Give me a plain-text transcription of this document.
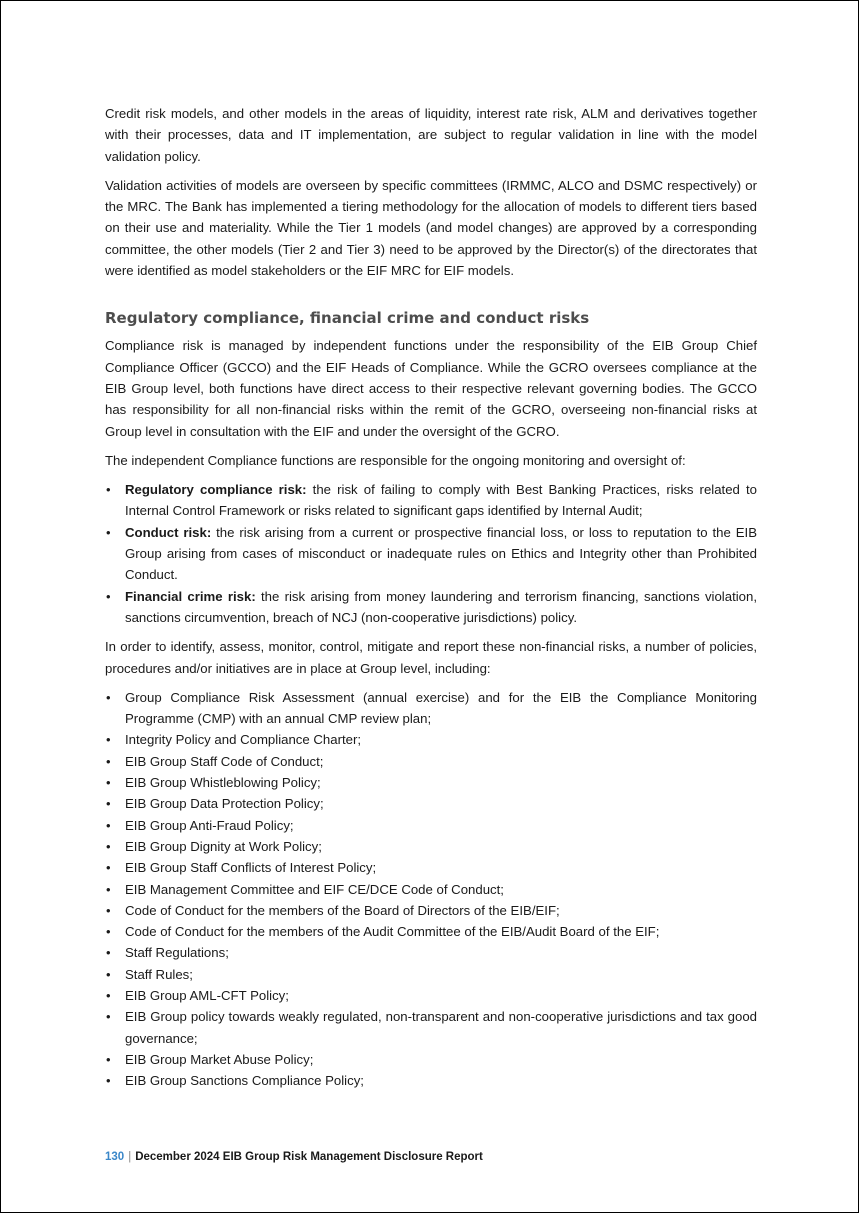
Credit risk models, and other models in the areas of liquidity, interest rate risk, ALM and derivatives together with their processes, data and IT implementation, are subject to regular validation in line with the model validation policy.

Validation activities of models are overseen by specific committees (IRMMC, ALCO and DSMC respectively) or the MRC. The Bank has implemented a tiering methodology for the allocation of models to different tiers based on their use and materiality. While the Tier 1 models (and model changes) are approved by a corresponding committee, the other models (Tier 2 and Tier 3) need to be approved by the Director(s) of the directorates that were identified as model stakeholders or the EIF MRC for EIF models.

Regulatory compliance, financial crime and conduct risks

Compliance risk is managed by independent functions under the responsibility of the EIB Group Chief Compliance Officer (GCCO) and the EIF Heads of Compliance. While the GCRO oversees compliance at the EIB Group level, both functions have direct access to their respective relevant governing bodies. The GCCO has responsibility for all non-financial risks within the remit of the GCRO, overseeing non-financial risks at Group level in consultation with the EIF and under the oversight of the GCRO.

The independent Compliance functions are responsible for the ongoing monitoring and oversight of:

• Regulatory compliance risk: the risk of failing to comply with Best Banking Practices, risks related to Internal Control Framework or risks related to significant gaps identified by Internal Audit;
• Conduct risk: the risk arising from a current or prospective financial loss, or loss to reputation to the EIB Group arising from cases of misconduct or inadequate rules on Ethics and Integrity other than Prohibited Conduct.
• Financial crime risk: the risk arising from money laundering and terrorism financing, sanctions violation, sanctions circumvention, breach of NCJ (non-cooperative jurisdictions) policy.

In order to identify, assess, monitor, control, mitigate and report these non-financial risks, a number of policies, procedures and/or initiatives are in place at Group level, including:

• Group Compliance Risk Assessment (annual exercise) and for the EIB the Compliance Monitoring Programme (CMP) with an annual CMP review plan;
• Integrity Policy and Compliance Charter;
• EIB Group Staff Code of Conduct;
• EIB Group Whistleblowing Policy;
• EIB Group Data Protection Policy;
• EIB Group Anti-Fraud Policy;
• EIB Group Dignity at Work Policy;
• EIB Group Staff Conflicts of Interest Policy;
• EIB Management Committee and EIF CE/DCE Code of Conduct;
• Code of Conduct for the members of the Board of Directors of the EIB/EIF;
• Code of Conduct for the members of the Audit Committee of the EIB/Audit Board of the EIF;
• Staff Regulations;
• Staff Rules;
• EIB Group AML-CFT Policy;
• EIB Group policy towards weakly regulated, non-transparent and non-cooperative jurisdictions and tax good governance;
• EIB Group Market Abuse Policy;
• EIB Group Sanctions Compliance Policy;
130 | December 2024 EIB Group Risk Management Disclosure Report
